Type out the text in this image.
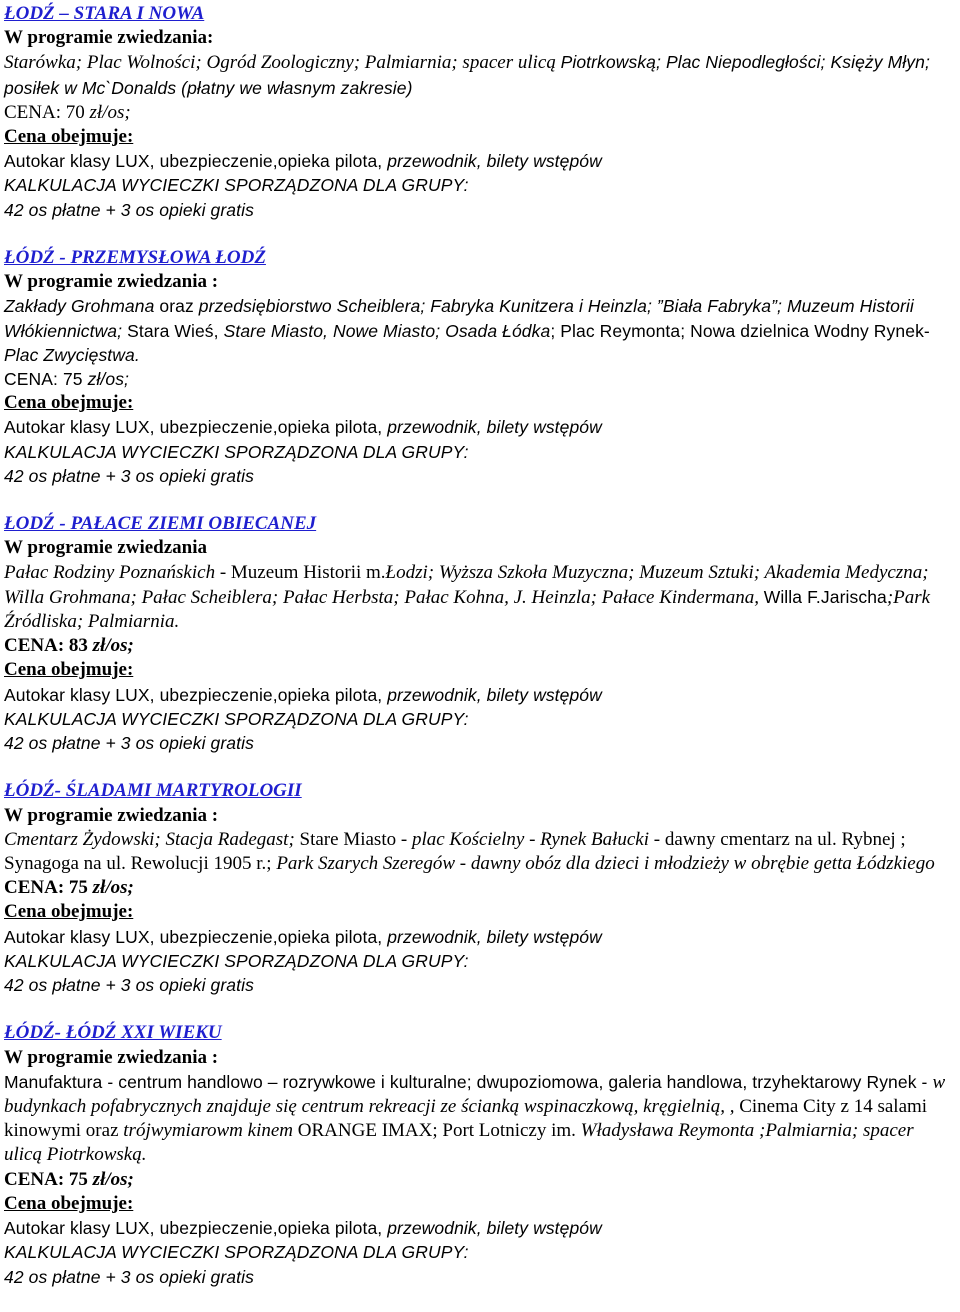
ŁODŹ – STARA I NOWA
W programie zwiedzania:
Starówka; Plac Wolności; Ogród Zoologiczny; Palmiarnia; spacer ulicą Piotrkowską; Plac Niepodległości; Księży Młyn; posiłek w Mc`Donalds (płatny we własnym zakresie)
CENA: 70 zł/os;
Cena obejmuje:
Autokar klasy LUX, ubezpieczenie,opieka pilota, przewodnik, bilety wstępów
KALKULACJA WYCIECZKI SPORZĄDZONA DLA GRUPY:
42 os płatne + 3 os opieki gratis
ŁÓDŹ - PRZEMYSŁOWA ŁODŹ
W programie zwiedzania :
Zakłady Grohmana oraz przedsiębiorstwo Scheiblera; Fabryka Kunitzera i Heinzla; ”Biała Fabryka”; Muzeum Historii Włókiennictwa; Stara Wieś, Stare Miasto, Nowe Miasto; Osada Łódka; Plac Reymonta; Nowa dzielnica Wodny Rynek-Plac Zwycięstwa.
CENA: 75 zł/os;
Cena obejmuje:
Autokar klasy LUX, ubezpieczenie,opieka pilota, przewodnik, bilety wstępów
KALKULACJA WYCIECZKI SPORZĄDZONA DLA GRUPY:
42 os płatne + 3 os opieki gratis
ŁODŹ - PAŁACE ZIEMI OBIECANEJ
W programie zwiedzania
Pałac Rodziny Poznańskich - Muzeum Historii m.Łodzi; Wyższa Szkoła Muzyczna; Muzeum Sztuki; Akademia Medyczna; Willa Grohmana; Pałac Scheiblera; Pałac Herbsta; Pałac Kohna, J. Heinzla; Pałace Kindermana, Willa F.Jarischa;Park Źródliska; Palmiarnia.
CENA: 83 zł/os;
Cena obejmuje:
Autokar klasy LUX, ubezpieczenie,opieka pilota, przewodnik, bilety wstępów
KALKULACJA WYCIECZKI SPORZĄDZONA DLA GRUPY:
42 os płatne + 3 os opieki gratis
ŁÓDŹ- ŚLADAMI MARTYROLOGII
W programie zwiedzania :
Cmentarz Żydowski; Stacja Radegast; Stare Miasto - plac Kościelny - Rynek Bałucki - dawny cmentarz na ul. Rybnej ; Synagoga na ul. Rewolucji 1905 r.; Park Szarych Szeregów - dawny obóz dla dzieci i młodzieży w obrębie getta Łódzkiego
CENA: 75 zł/os;
Cena obejmuje:
Autokar klasy LUX, ubezpieczenie,opieka pilota, przewodnik, bilety wstępów
KALKULACJA WYCIECZKI SPORZĄDZONA DLA GRUPY:
42 os płatne + 3 os opieki gratis
ŁÓDŹ- ŁÓDŹ XXI WIEKU
W programie zwiedzania :
Manufaktura - centrum handlowo – rozrywkowe i kulturalne; dwupoziomowa, galeria handlowa, trzyhektarowy Rynek - w budynkach pofabrycznych znajduje się centrum rekreacji ze ścianką wspinaczkową, kręgielnią, , Cinema City z 14 salami kinowymi oraz trójwymiarowm kinem ORANGE IMAX; Port Lotniczy im. Władysława Reymonta ;Palmiarnia; spacer ulicą Piotrkowską.
CENA: 75 zł/os;
Cena obejmuje:
Autokar klasy LUX, ubezpieczenie,opieka pilota, przewodnik, bilety wstępów
KALKULACJA WYCIECZKI SPORZĄDZONA DLA GRUPY:
42 os płatne + 3 os opieki gratis
